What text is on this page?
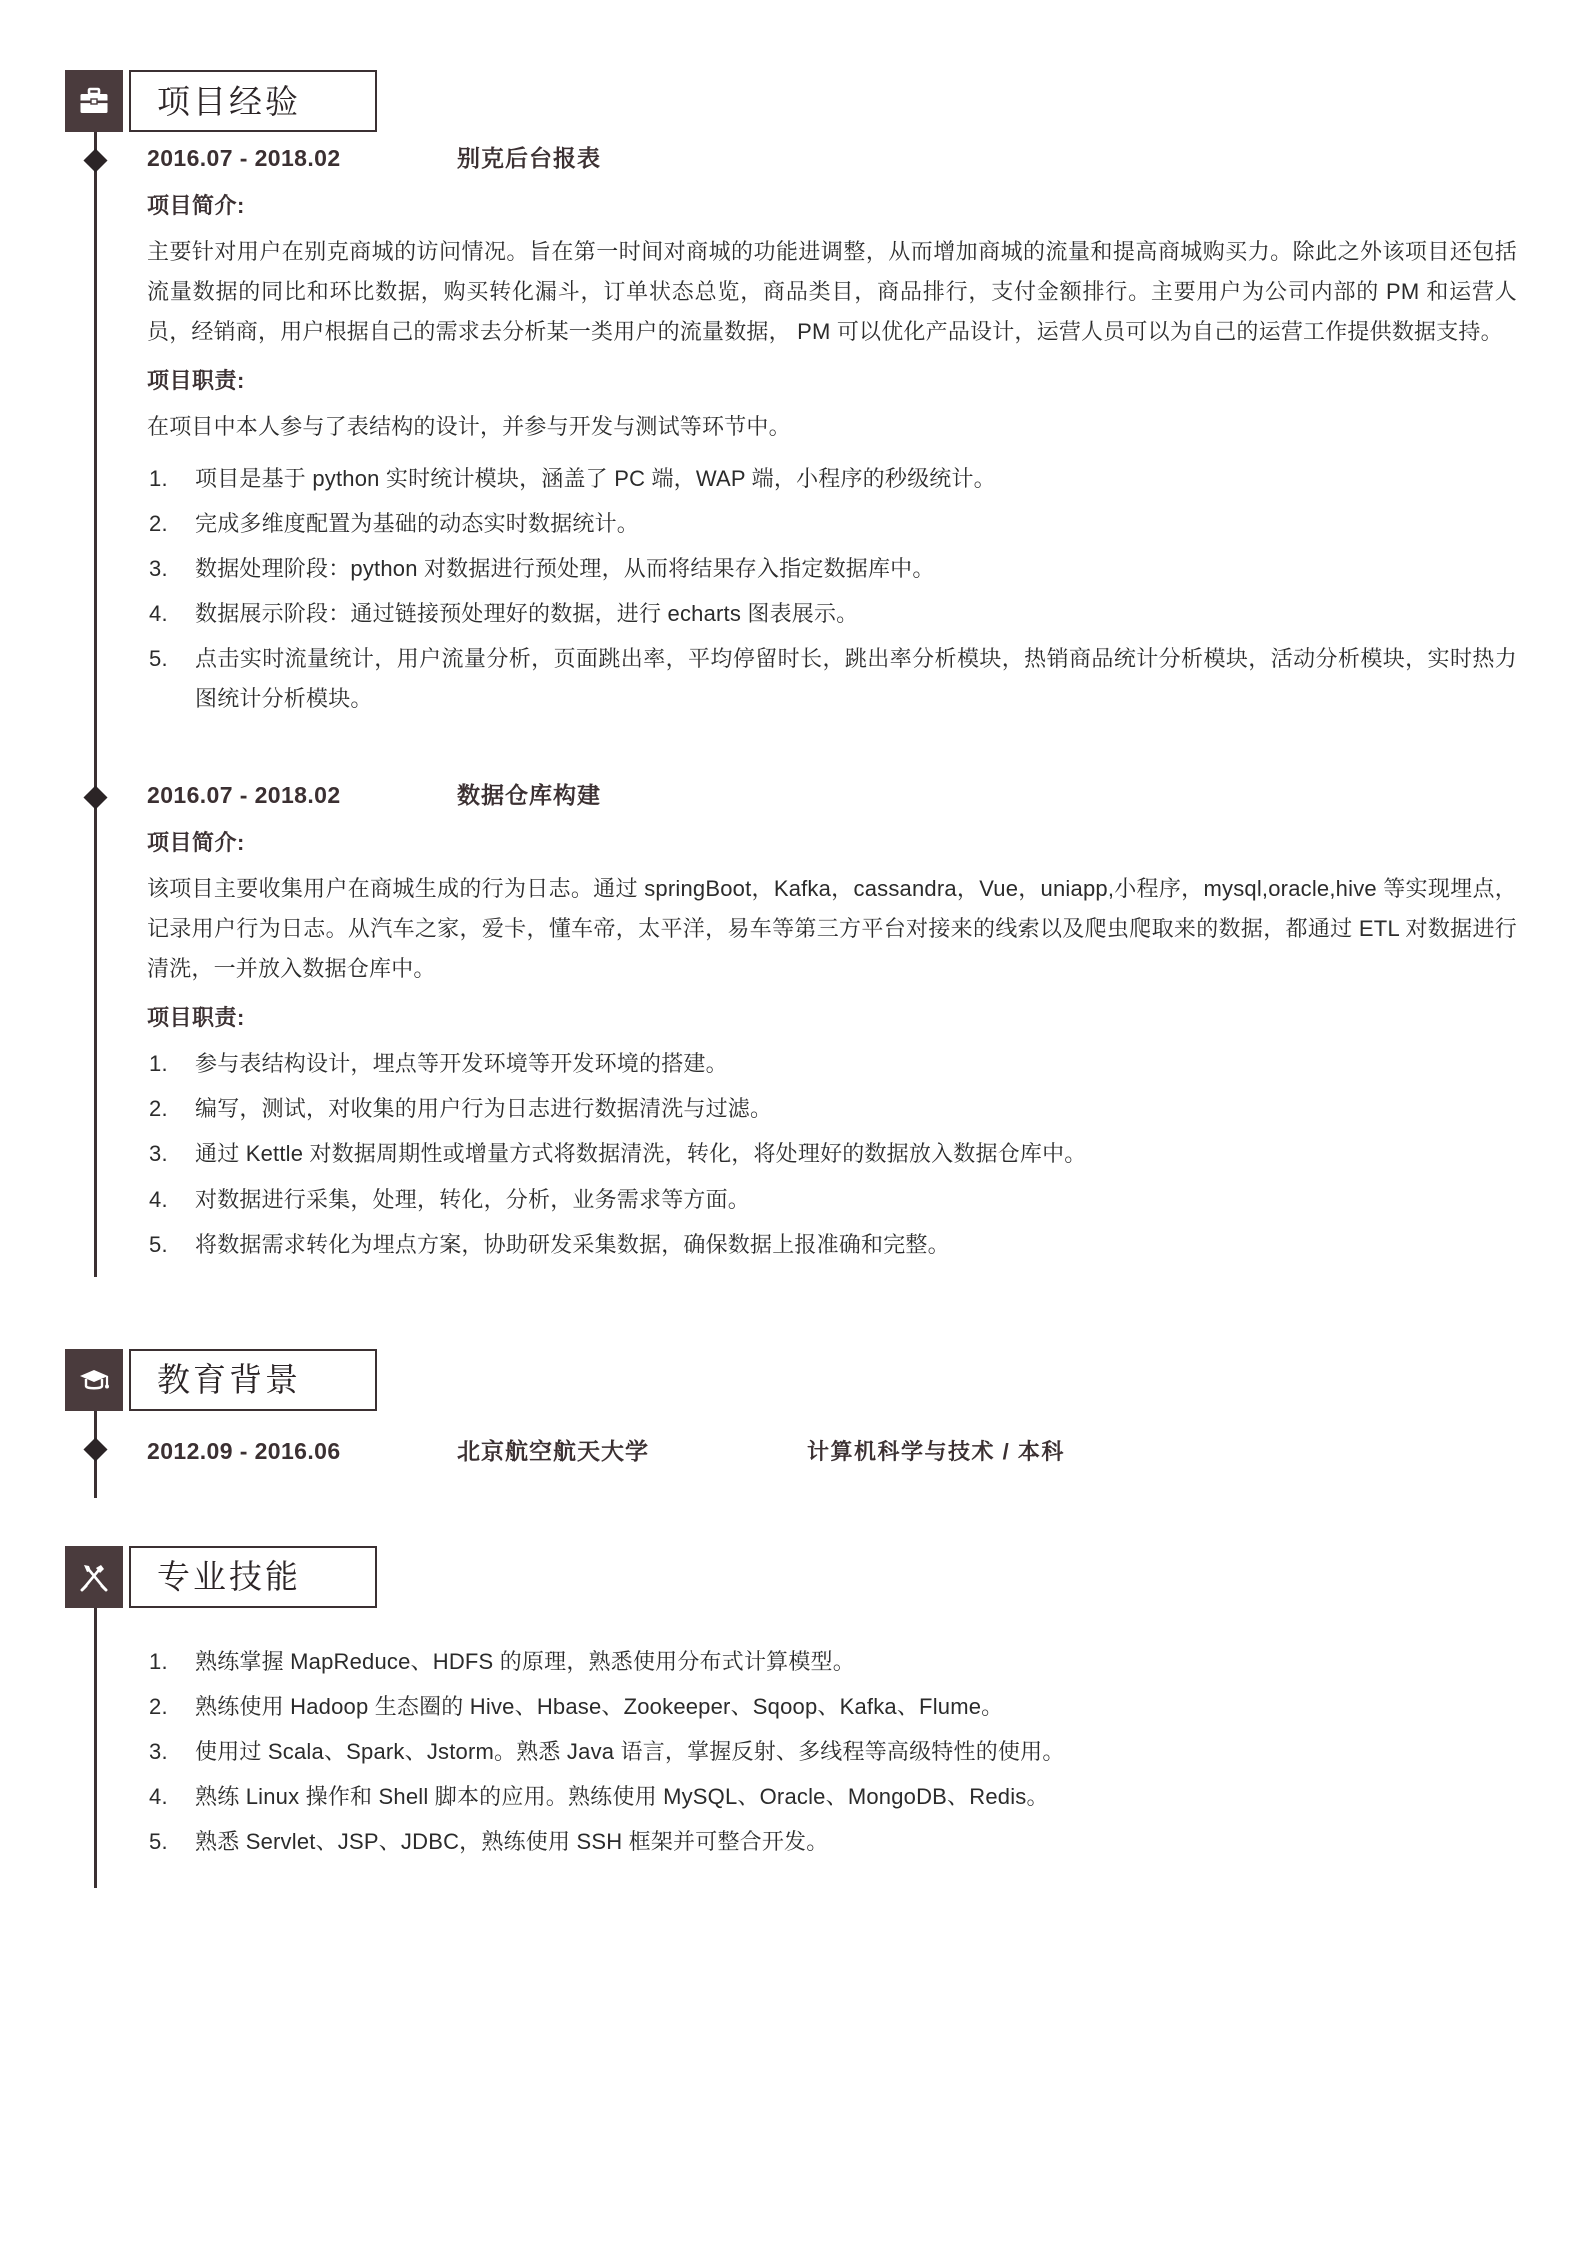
项目经验
2016.07 - 2018.02	别克后台报表
项目简介:
主要针对用户在别克商城的访问情况。旨在第一时间对商城的功能进调整，从而增加商城的流量和提高商城购买力。除此之外该项目还包括流量数据的同比和环比数据，购买转化漏斗，订单状态总览，商品类目，商品排行，支付金额排行。主要用户为公司内部的 PM 和运营人员，经销商，用户根据自己的需求去分析某一类用户的流量数据， PM 可以优化产品设计，运营人员可以为自己的运营工作提供数据支持。
项目职责:
在项目中本人参与了表结构的设计，并参与开发与测试等环节中。
项目是基于 python 实时统计模块，涵盖了 PC 端，WAP 端，小程序的秒级统计。
完成多维度配置为基础的动态实时数据统计。
数据处理阶段：python 对数据进行预处理，从而将结果存入指定数据库中。
数据展示阶段：通过链接预处理好的数据，进行 echarts 图表展示。
点击实时流量统计，用户流量分析，页面跳出率，平均停留时长，跳出率分析模块，热销商品统计分析模块，活动分析模块，实时热力图统计分析模块。
2016.07 - 2018.02	数据仓库构建
项目简介:
该项目主要收集用户在商城生成的行为日志。通过 springBoot，Kafka，cassandra，Vue，uniapp,小程序，mysql,oracle,hive 等实现埋点，记录用户行为日志。从汽车之家，爱卡，懂车帝，太平洋，易车等第三方平台对接来的线索以及爬虫爬取来的数据，都通过 ETL 对数据进行清洗，一并放入数据仓库中。
项目职责:
参与表结构设计，埋点等开发环境等开发环境的搭建。
编写，测试，对收集的用户行为日志进行数据清洗与过滤。
通过 Kettle 对数据周期性或增量方式将数据清洗，转化，将处理好的数据放入数据仓库中。
对数据进行采集，处理，转化，分析，业务需求等方面。
将数据需求转化为埋点方案，协助研发采集数据，确保数据上报准确和完整。
教育背景
2012.09 - 2016.06	北京航空航天大学	计算机科学与技术 / 本科
专业技能
熟练掌握 MapReduce、HDFS 的原理，熟悉使用分布式计算模型。
熟练使用 Hadoop 生态圈的 Hive、Hbase、Zookeeper、Sqoop、Kafka、Flume。
使用过 Scala、Spark、Jstorm。熟悉 Java 语言，掌握反射、多线程等高级特性的使用。
熟练 Linux 操作和 Shell 脚本的应用。熟练使用 MySQL、Oracle、MongoDB、Redis。
熟悉 Servlet、JSP、JDBC，熟练使用 SSH 框架并可整合开发。
